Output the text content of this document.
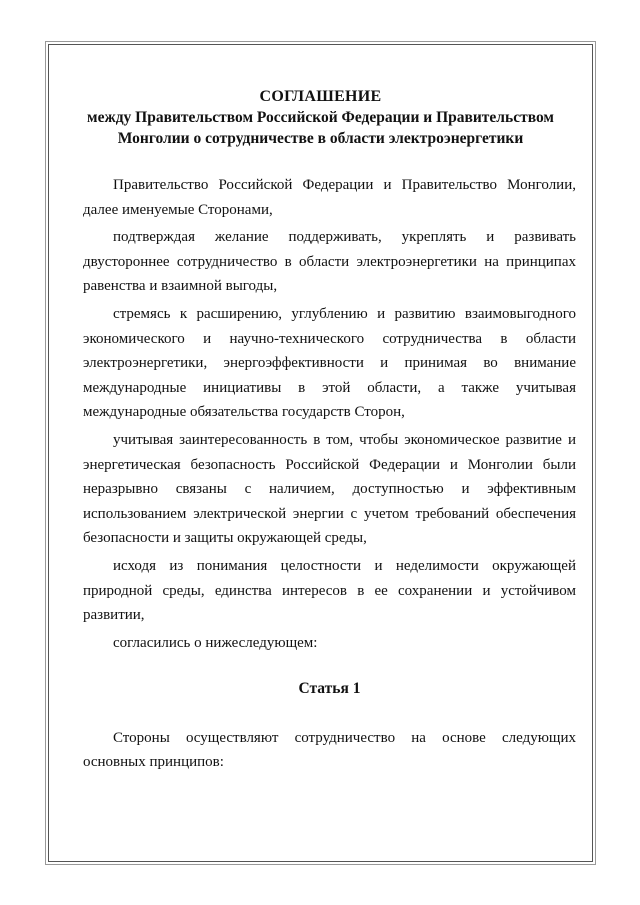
СОГЛАШЕНИЕ
между Правительством Российской Федерации и Правительством
Монголии о сотрудничестве в области электроэнергетики

Правительство Российской Федерации и Правительство Монголии, далее именуемые Сторонами,

подтверждая желание поддерживать, укреплять и развивать двустороннее сотрудничество в области электроэнергетики на принципах равенства и взаимной выгоды,

стремясь к расширению, углублению и развитию взаимовыгодного экономического и научно-технического сотрудничества в области электроэнергетики, энергоэффективности и принимая во внимание международные инициативы в этой области, а также учитывая международные обязательства государств Сторон,

учитывая заинтересованность в том, чтобы экономическое развитие и энергетическая безопасность Российской Федерации и Монголии были неразрывно связаны с наличием, доступностью и эффективным использованием электрической энергии с учетом требований обеспечения безопасности и защиты окружающей среды,

исходя из понимания целостности и неделимости окружающей природной среды, единства интересов в ее сохранении и устойчивом развитии,

согласились о нижеследующем:

Статья 1

Стороны осуществляют сотрудничество на основе следующих основных принципов:
